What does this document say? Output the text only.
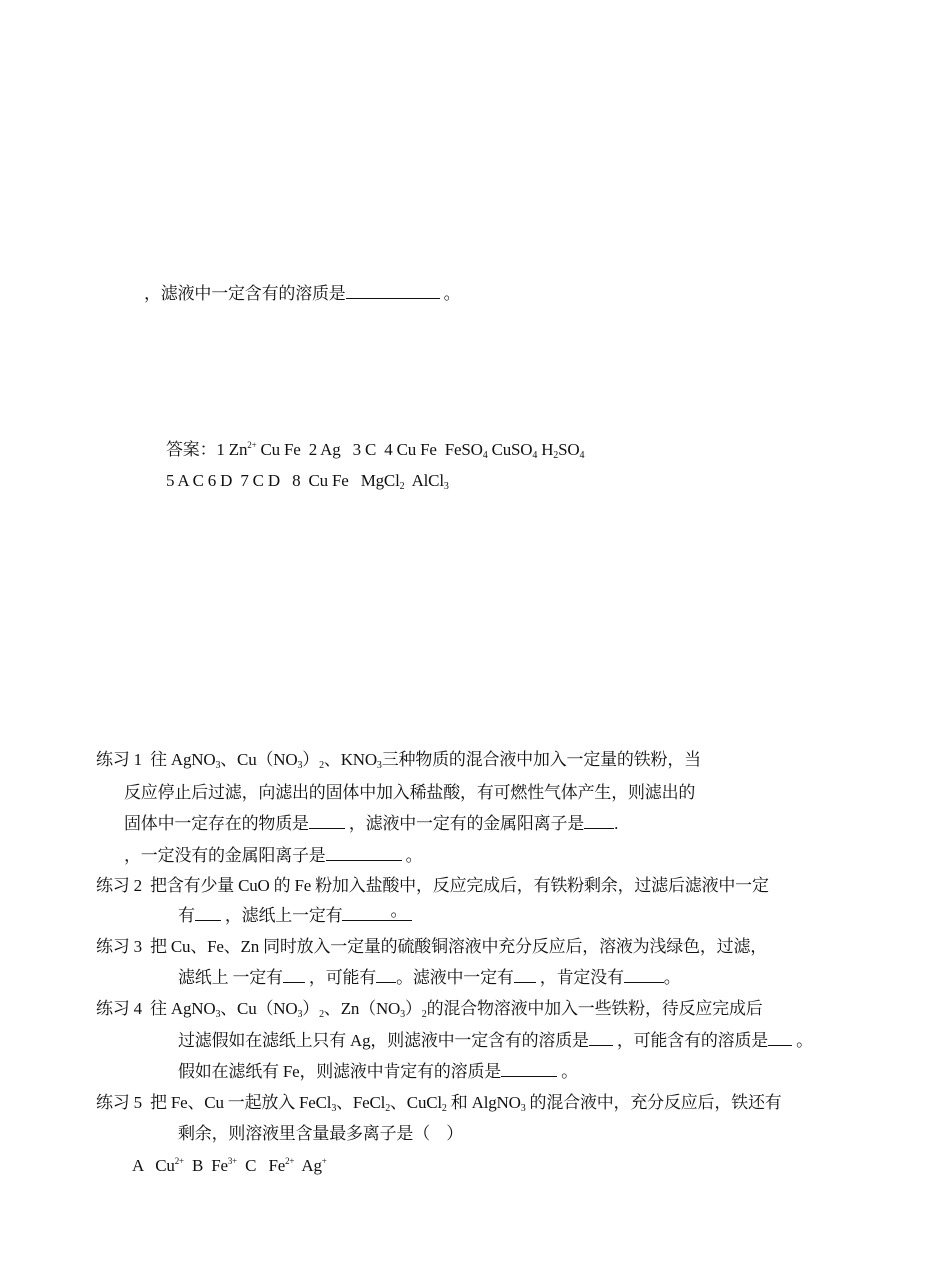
，滤液中一定含有的溶质是	。
答案：1 $Zn^{2+}$ Cu Fe  2 Ag   3 C  4 Cu Fe  FeSO$_4$ CuSO$_4$ $H_2SO_4$
5 A C 6 D  7 C D   8  Cu Fe   MgCl$_2$  AlCl$_3$
练习 1  往 AgNO$_3$、$Cu(NO_3)_2$、$KNO_3$三种物质的混合液中加入一定量的铁粉，当
反应停止后过滤，向滤出的固体中加入稀盐酸，有可燃性气体产生，则滤出的
固体中一定存在的物质是 ，滤液中一定有的金属阳离子是 .
，一定没有的金属阳离子是	。
练习 2  把含有少量 CuO 的 Fe 粉加入盐酸中，反应完成后，有铁粉剩余，过滤后滤液中一定
有 ，滤纸上一定有	。
练习 3  把 Cu、Fe、Zn 同时放入一定量的硫酸铜溶液中充分反应后，溶液为浅绿色，过滤，
滤纸上 一定有 ，可能有 。滤液中一定有 ，肯定没有 。
练习 4  往 AgNO$_3$、$Cu(NO_3)_2$、$Zn(NO_3)_2$的混合物溶液中加入一些铁粉，待反应完成后
过滤假如在滤纸上只有 Ag，则滤液中一定含有的溶质是 ，可能含有的溶质是 。
假如在滤纸有 Fe，则滤液中肯定有的溶质是	。
练习 5  把 Fe、Cu 一起放入 FeCl$_3$、FeCl$_2$、CuCl$_2$ 和 AlgNO$_3$ 的混合液中，充分反应后，铁还有
剩余，则溶液里含量最多离子是（    ）
A   $Cu^{2+}$  B  $Fe^{3+}$  C   $Fe^{2+}$  Ag+
